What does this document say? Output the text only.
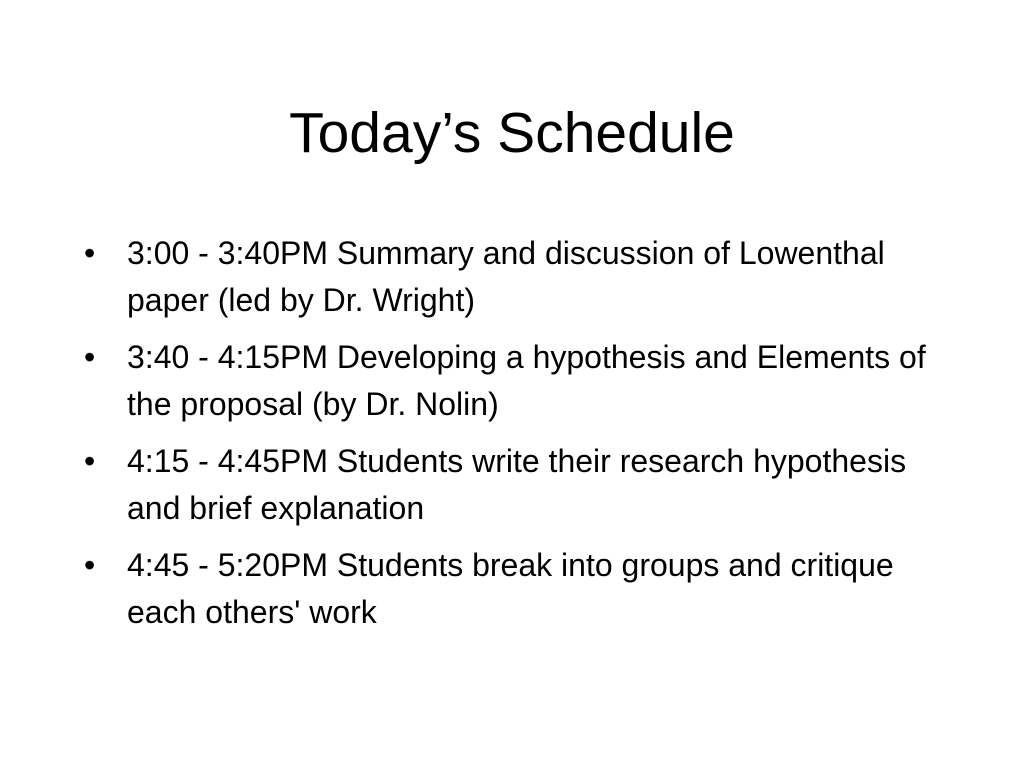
Today’s Schedule
• 3:00 - 3:40PM Summary and discussion of Lowenthal paper (led by Dr. Wright)
• 3:40 - 4:15PM Developing a hypothesis and Elements of the proposal (by Dr. Nolin)
• 4:15 - 4:45PM Students write their research hypothesis and brief explanation
• 4:45 - 5:20PM Students break into groups and critique each others' work
